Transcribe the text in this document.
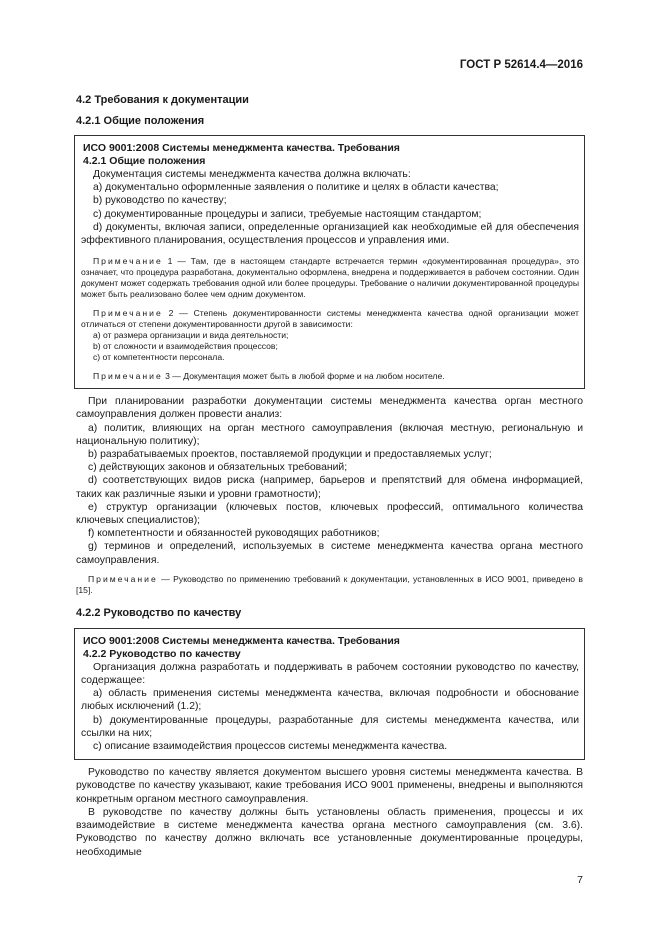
ГОСТ Р 52614.4—2016
4.2 Требования к документации
4.2.1 Общие положения
ИСО 9001:2008 Системы менеджмента качества. Требования
4.2.1 Общие положения

Документация системы менеджмента качества должна включать:

a) документально оформленные заявления о политике и целях в области качества;

b) руководство по качеству;

c) документированные процедуры и записи, требуемые настоящим стандартом;

d) документы, включая записи, определенные организацией как необходимые ей для обеспечения эффективного планирования, осуществления процессов и управления ими.

Примечание 1 — Там, где в настоящем стандарте встречается термин «документированная процедура», это означает, что процедура разработана, документально оформлена, внедрена и поддерживается в рабочем состоянии. Один документ может содержать требования одной или более процедуры. Требование о наличии документированной процедуры может быть реализовано более чем одним документом.
Примечание 2 — Степень документированности системы менеджмента качества одной организации может отличаться от степени документированности другой в зависимости:
a) от размера организации и вида деятельности;
b) от сложности и взаимодействия процессов;
c) от компетентности персонала.
Примечание 3 — Документация может быть в любой форме и на любом носителе.

При планировании разработки документации системы менеджмента качества орган местного самоуправления должен провести анализ:

a) политик, влияющих на орган местного самоуправления (включая местную, региональную и национальную политику);

b) разрабатываемых проектов, поставляемой продукции и предоставляемых услуг;

c) действующих законов и обязательных требований;

d) соответствующих видов риска (например, барьеров и препятствий для обмена информацией, таких как различные языки и уровни грамотности);

e) структур организации (ключевых постов, ключевых профессий, оптимального количества ключевых специалистов);

f) компетентности и обязанностей руководящих работников;

g) терминов и определений, используемых в системе менеджмента качества органа местного самоуправления.

Примечание — Руководство по применению требований к документации, установленных в ИСО 9001, приведено в [15].
4.2.2 Руководство по качеству
ИСО 9001:2008 Системы менеджмента качества. Требования
4.2.2 Руководство по качеству

Организация должна разработать и поддерживать в рабочем состоянии руководство по качеству, содержащее:

a) область применения системы менеджмента качества, включая подробности и обоснование любых исключений (1.2);

b) документированные процедуры, разработанные для системы менеджмента качества, или ссылки на них;

c) описание взаимодействия процессов системы менеджмента качества.

Руководство по качеству является документом высшего уровня системы менеджмента качества. В руководстве по качеству указывают, какие требования ИСО 9001 применены, внедрены и выполняются конкретным органом местного самоуправления.

В руководстве по качеству должны быть установлены область применения, процессы и их взаимодействие в системе менеджмента качества органа местного самоуправления (см. 3.6). Руководство по качеству должно включать все установленные документированные процедуры, необходимые

7
